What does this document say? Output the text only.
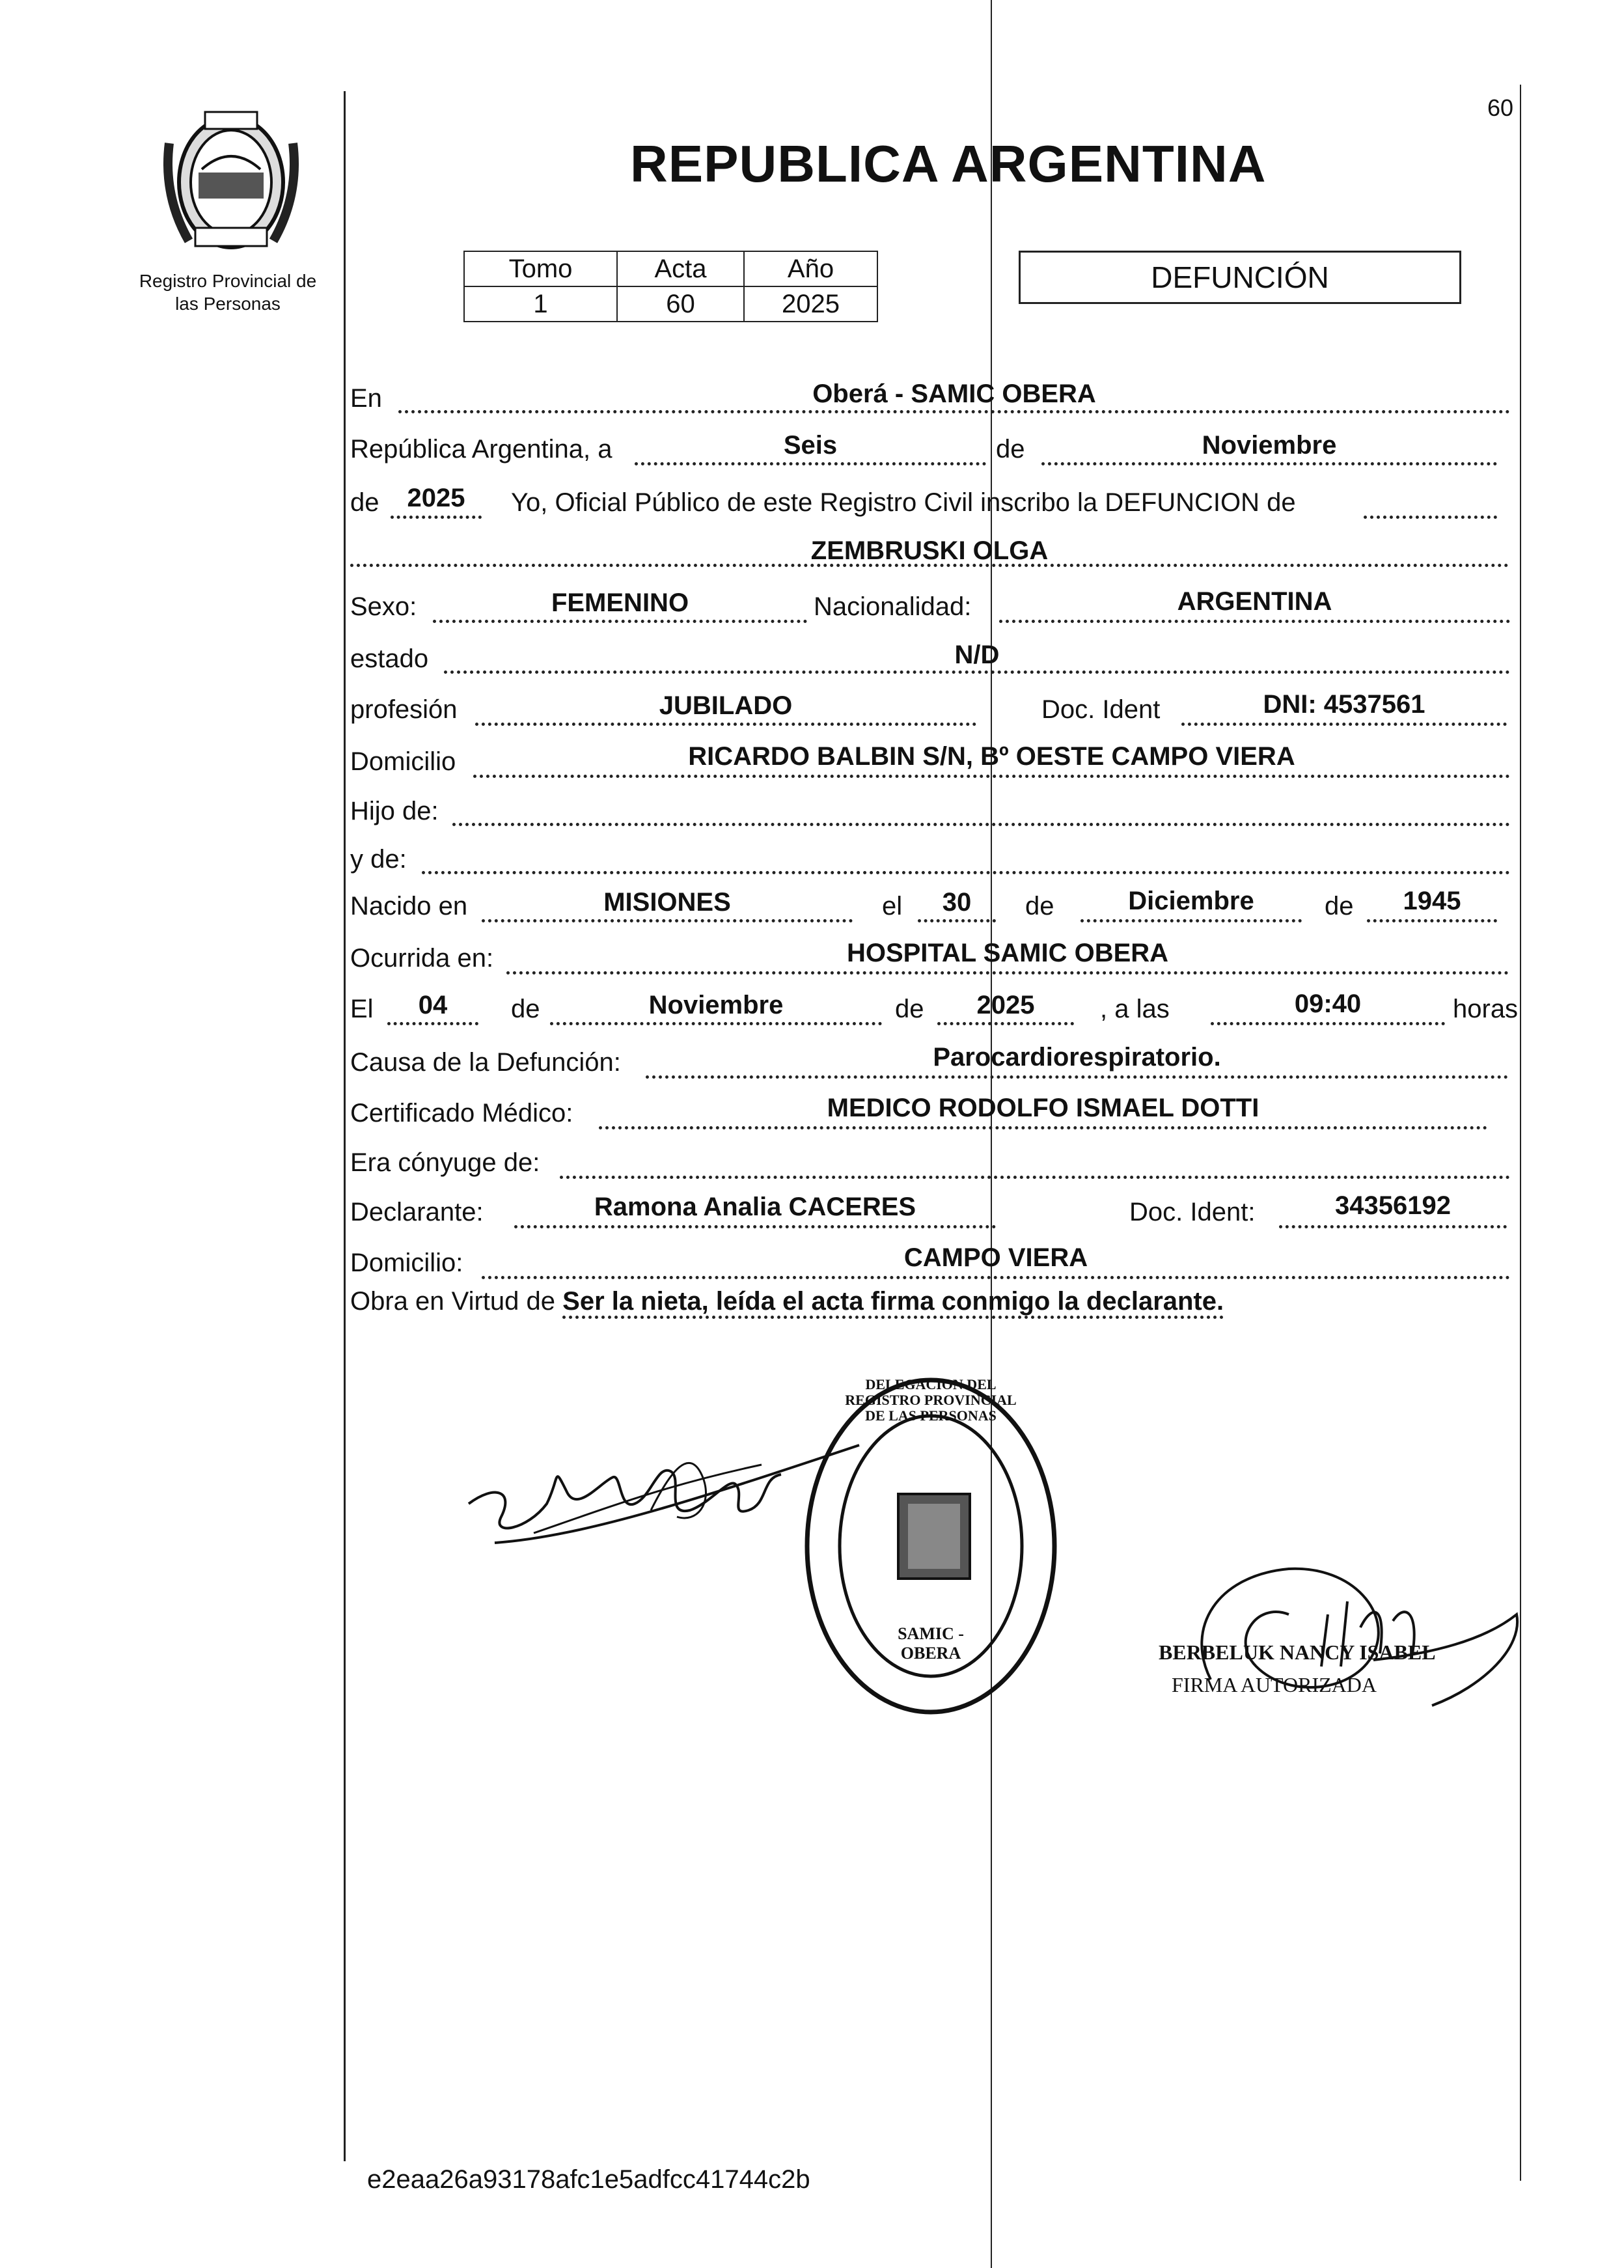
Registro Provincial de
las Personas
60
REPUBLICA ARGENTINA
Tomo	Acta	Año
1	60	2025
DEFUNCIÓN
En	Oberá - SAMIC OBERA
República Argentina, a	Seis	de	Noviembre
de	2025	Yo, Oficial Público de este Registro Civil inscribo la DEFUNCION de
ZEMBRUSKI OLGA
Sexo:	FEMENINO	Nacionalidad:	ARGENTINA
estado	N/D
profesión	JUBILADO	Doc. Ident	DNI: 4537561
Domicilio	RICARDO BALBIN S/N, Bº OESTE CAMPO VIERA
Hijo de:
y de:
Nacido en	MISIONES	el	30	de	Diciembre	de	1945
Ocurrida en:	HOSPITAL SAMIC OBERA
El	04	de	Noviembre	de	2025	, a las	09:40	horas
Causa de la Defunción:	Parocardiorespiratorio.
Certificado Médico:	MEDICO RODOLFO ISMAEL DOTTI
Era cónyuge de:
Declarante:	Ramona Analia CACERES	Doc. Ident:	34356192
Domicilio:	CAMPO VIERA
Obra en Virtud de Ser la nieta, leída el acta firma conmigo la declarante.
DELEGACION DEL REGISTRO PROVINCIAL DE LAS PERSONAS
SAMIC - OBERA	BERBELUK NANCY ISABEL
FIRMA AUTORIZADA
e2eaa26a93178afc1e5adfcc41744c2b
